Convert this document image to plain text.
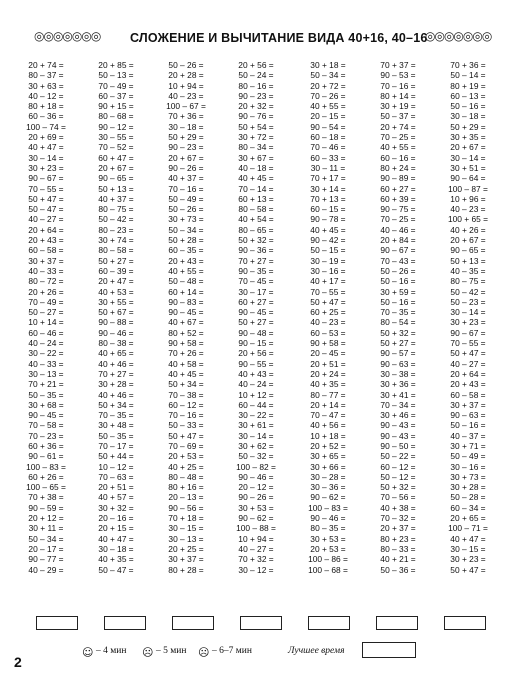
◎◎◎◎◎◎◎ СЛОЖЕНИЕ И ВЫЧИТАНИЕ ВИДА 40+16, 40–16
◎◎◎◎◎◎◎
20 + 74 =
80 – 37 =
30 + 63 =
40 – 12 =
80 + 18 =
60 – 36 =
100 – 74 =
20 + 69 =
40 + 47 =
30 – 14 =
30 + 23 =
90 – 67 =
70 – 55 =
50 + 47 =
50 – 47 =
40 – 27 =
20 + 64 =
20 + 43 =
60 – 58 =
30 + 37 =
40 – 33 =
80 – 72 =
20 + 26 =
70 – 49 =
50 – 27 =
10 + 14 =
60 – 46 =
40 – 24 =
30 – 22 =
40 – 33 =
30 – 13 =
70 + 21 =
50 – 35 =
30 + 68 =
90 – 45 =
70 – 58 =
70 – 23 =
60 + 36 =
90 – 61 =
100 – 83 =
60 + 26 =
100 – 65 =
70 + 38 =
90 – 59 =
20 + 12 =
30 + 11 =
50 – 34 =
20 – 17 =
90 – 77 =
40 – 29 =
20 + 85 =
50 – 13 =
70 – 49 =
60 – 37 =
90 + 15 =
80 – 68 =
90 – 12 =
30 – 55 =
70 – 52 =
60 + 47 =
20 + 67 =
90 – 65 =
50 + 13 =
40 + 37 =
80 – 75 =
50 – 42 =
80 – 23 =
30 + 74 =
80 – 58 =
50 + 27 =
60 – 39 =
20 + 47 =
40 + 53 =
30 + 55 =
50 + 67 =
90 – 88 =
90 – 46 =
80 – 38 =
40 + 65 =
40 + 46 =
70 + 27 =
30 + 28 =
40 + 46 =
50 + 34 =
70 – 35 =
30 + 48 =
50 – 35 =
70 – 17 =
50 + 44 =
10 – 12 =
70 – 63 =
20 + 51 =
40 + 57 =
30 + 32 =
20 – 16 =
20 + 15 =
40 + 47 =
30 – 18 =
40 + 35 =
50 – 47 =
50 – 26 =
20 + 28 =
10 + 94 =
40 – 23 =
100 – 67 =
70 + 36 =
30 – 18 =
50 + 29 =
90 – 23 =
20 + 67 =
90 – 26 =
40 + 37 =
70 – 16 =
50 – 49 =
50 – 26 =
30 + 73 =
50 – 34 =
50 + 28 =
60 – 35 =
20 + 43 =
40 + 55 =
50 – 48 =
60 + 14 =
90 – 83 =
90 – 45 =
40 + 67 =
80 + 52 =
90 + 58 =
70 + 26 =
40 + 58 =
40 + 45 =
50 + 34 =
70 – 38 =
60 – 12 =
70 – 16 =
50 – 33 =
50 + 47 =
70 – 69 =
20 + 53 =
40 + 25 =
80 – 48 =
80 + 16 =
20 – 13 =
90 – 56 =
70 + 18 =
30 – 15 =
30 – 13 =
20 + 25 =
30 + 37 =
80 + 28 =
20 + 56 =
50 – 24 =
80 – 16 =
90 – 23 =
20 + 32 =
90 – 76 =
50 + 54 =
30 + 72 =
80 – 34 =
30 + 67 =
40 – 18 =
40 + 45 =
70 – 14 =
60 + 13 =
80 – 58 =
40 + 54 =
80 – 65 =
50 + 32 =
90 – 36 =
70 + 27 =
90 – 35 =
70 – 45 =
30 – 17 =
60 + 27 =
90 – 45 =
50 + 27 =
90 – 48 =
90 – 15 =
20 + 56 =
90 – 55 =
40 + 43 =
40 – 24 =
10 + 12 =
60 – 44 =
30 – 22 =
30 + 61 =
30 – 14 =
30 + 62 =
50 – 32 =
100 – 82 =
90 – 46 =
20 – 12 =
90 – 26 =
30 + 53 =
90 – 62 =
100 – 88 =
10 + 94 =
40 – 27 =
70 + 32 =
30 – 12 =
30 + 18 =
50 – 34 =
20 + 72 =
70 – 26 =
40 + 55 =
20 – 15 =
90 – 54 =
60 – 18 =
70 – 46 =
60 – 33 =
30 – 11 =
70 + 17 =
30 + 14 =
70 + 13 =
60 – 15 =
90 – 78 =
40 + 45 =
90 – 42 =
50 – 15 =
30 – 19 =
30 – 16 =
40 + 17 =
70 – 55 =
50 + 47 =
60 + 25 =
40 – 23 =
60 – 53 =
90 + 58 =
20 – 45 =
20 + 51 =
20 + 24 =
40 + 35 =
80 – 77 =
20 + 14 =
70 – 47 =
40 + 56 =
10 + 18 =
20 + 52 =
30 + 65 =
30 + 66 =
30 – 28 =
30 – 36 =
90 – 62 =
100 – 83 =
90 – 46 =
80 – 35 =
30 + 53 =
20 + 53 =
100 – 86 =
100 – 68 =
70 + 37 =
90 – 53 =
70 – 16 =
80 + 14 =
30 + 19 =
50 – 37 =
20 + 74 =
70 – 25 =
40 + 55 =
60 – 16 =
80 + 24 =
90 – 89 =
60 + 27 =
60 + 39 =
90 – 75 =
70 – 25 =
40 – 46 =
20 + 84 =
90 – 67 =
70 – 43 =
50 – 26 =
50 – 16 =
30 + 59 =
50 – 16 =
70 – 35 =
80 – 54 =
50 + 32 =
50 + 27 =
90 – 57 =
90 – 63 =
30 – 38 =
30 + 36 =
30 + 41 =
70 – 34 =
30 + 46 =
90 – 43 =
90 – 43 =
90 – 50 =
50 – 22 =
60 – 12 =
50 – 12 =
50 + 32 =
70 – 56 =
40 + 38 =
70 – 32 =
20 + 37 =
80 + 23 =
80 – 33 =
40 + 21 =
50 – 36 =
70 + 36 =
50 – 14 =
80 + 19 =
60 – 13 =
50 – 16 =
30 – 18 =
50 + 29 =
30 + 35 =
20 + 67 =
30 – 14 =
30 + 51 =
90 – 64 =
100 – 87 =
10 + 96 =
40 – 23 =
100 + 65 =
40 + 26 =
20 + 67 =
90 – 65 =
50 + 13 =
40 – 35 =
80 – 75 =
50 – 42 =
50 – 23 =
30 – 14 =
30 + 23 =
90 – 67 =
70 – 55 =
50 + 47 =
40 – 27 =
20 + 64 =
20 + 43 =
60 – 58 =
30 + 37 =
90 – 63 =
50 – 16 =
40 – 37 =
30 + 71 =
50 – 49 =
30 – 16 =
30 + 73 =
30 + 28 =
50 – 28 =
60 – 34 =
20 + 65 =
100 – 71 =
40 + 47 =
30 – 15 =
30 + 23 =
50 + 47 =
☺ – 4 мин ☹ – 5 мин ☹ – 6–7 мин	Лучшее время
2
